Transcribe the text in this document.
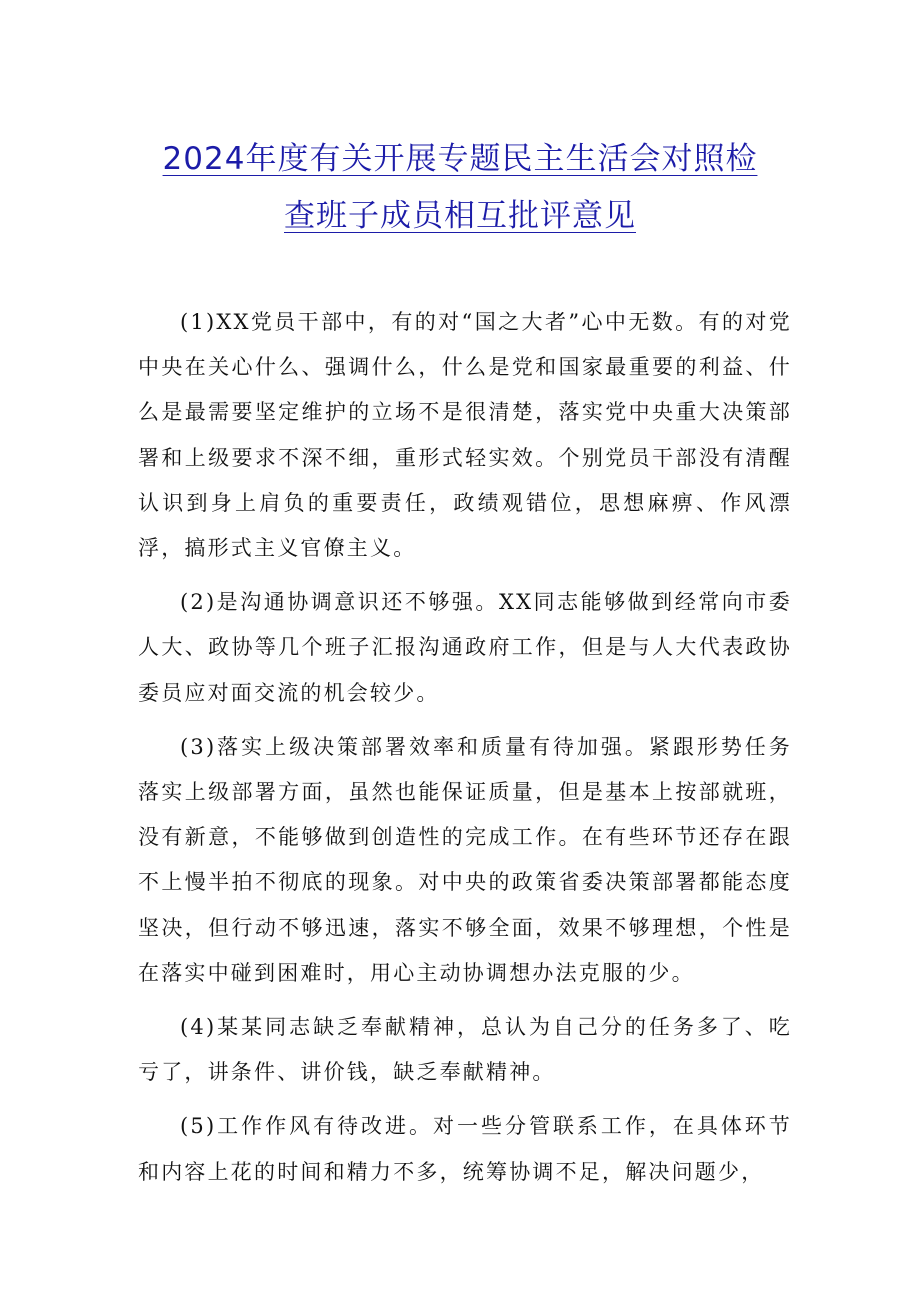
2024年度有关开展专题民主生活会对照检
查班子成员相互批评意见

(1)XX党员干部中，有的对“国之大者”心中无数。有的对党中央在关心什么、强调什么，什么是党和国家最重要的利益、什么是最需要坚定维护的立场不是很清楚，落实党中央重大决策部署和上级要求不深不细，重形式轻实效。个别党员干部没有清醒认识到身上肩负的重要责任，政绩观错位，思想麻痹、作风漂浮，搞形式主义官僚主义。

(2)是沟通协调意识还不够强。XX同志能够做到经常向市委人大、政协等几个班子汇报沟通政府工作，但是与人大代表政协委员应对面交流的机会较少。

(3)落实上级决策部署效率和质量有待加强。紧跟形势任务落实上级部署方面，虽然也能保证质量，但是基本上按部就班，没有新意，不能够做到创造性的完成工作。在有些环节还存在跟不上慢半拍不彻底的现象。对中央的政策省委决策部署都能态度坚决，但行动不够迅速，落实不够全面，效果不够理想，个性是在落实中碰到困难时，用心主动协调想办法克服的少。

(4)某某同志缺乏奉献精神，总认为自己分的任务多了、吃亏了，讲条件、讲价钱，缺乏奉献精神。

(5)工作作风有待改进。对一些分管联系工作，在具体环节和内容上花的时间和精力不多，统筹协调不足，解决问题少，
